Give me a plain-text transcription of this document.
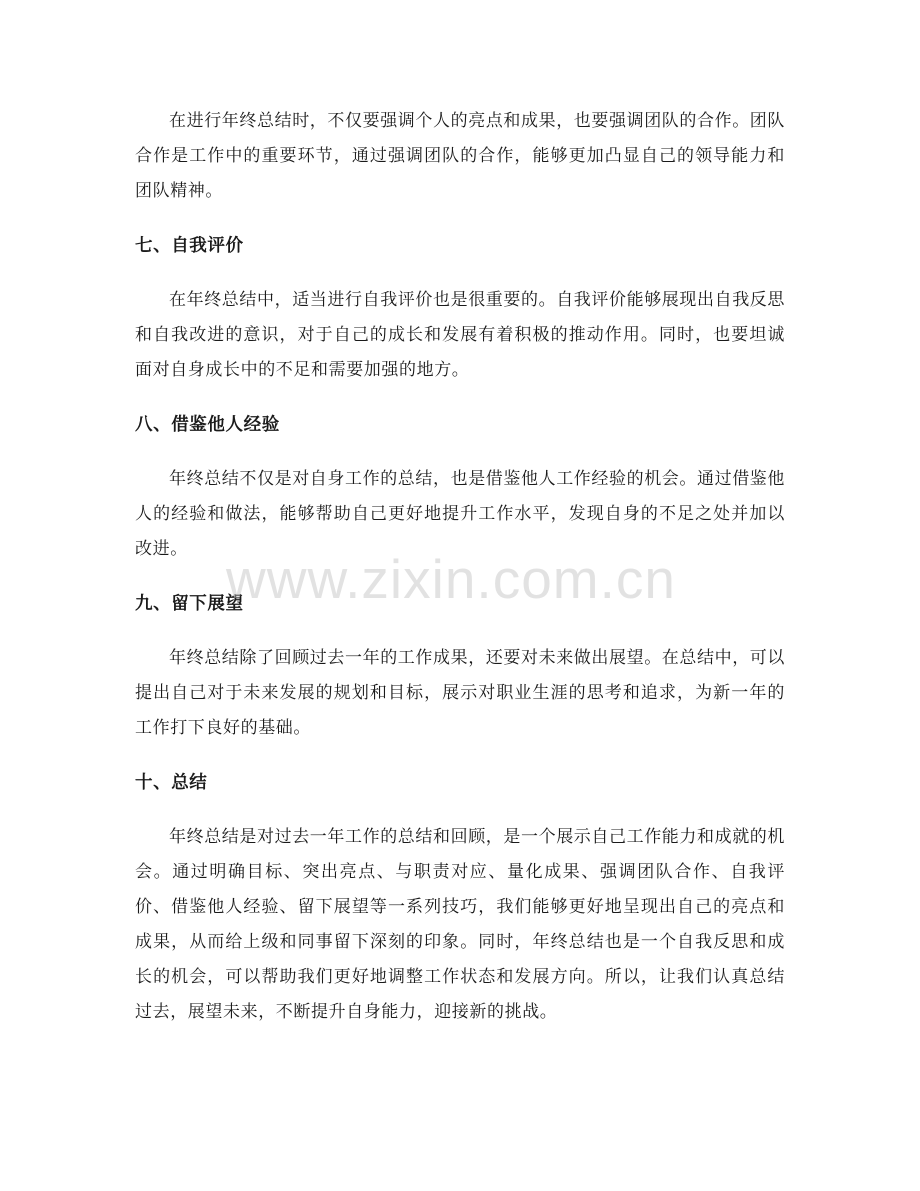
在进行年终总结时，不仅要强调个人的亮点和成果，也要强调团队的合作。团队合作是工作中的重要环节，通过强调团队的合作，能够更加凸显自己的领导能力和团队精神。

七、自我评价

在年终总结中，适当进行自我评价也是很重要的。自我评价能够展现出自我反思和自我改进的意识，对于自己的成长和发展有着积极的推动作用。同时，也要坦诚面对自身成长中的不足和需要加强的地方。

八、借鉴他人经验

年终总结不仅是对自身工作的总结，也是借鉴他人工作经验的机会。通过借鉴他人的经验和做法，能够帮助自己更好地提升工作水平，发现自身的不足之处并加以改进。

九、留下展望

年终总结除了回顾过去一年的工作成果，还要对未来做出展望。在总结中，可以提出自己对于未来发展的规划和目标，展示对职业生涯的思考和追求，为新一年的工作打下良好的基础。

十、总结

年终总结是对过去一年工作的总结和回顾，是一个展示自己工作能力和成就的机会。通过明确目标、突出亮点、与职责对应、量化成果、强调团队合作、自我评价、借鉴他人经验、留下展望等一系列技巧，我们能够更好地呈现出自己的亮点和成果，从而给上级和同事留下深刻的印象。同时，年终总结也是一个自我反思和成长的机会，可以帮助我们更好地调整工作状态和发展方向。所以，让我们认真总结过去，展望未来，不断提升自身能力，迎接新的挑战。

www.zixin.com.cn
